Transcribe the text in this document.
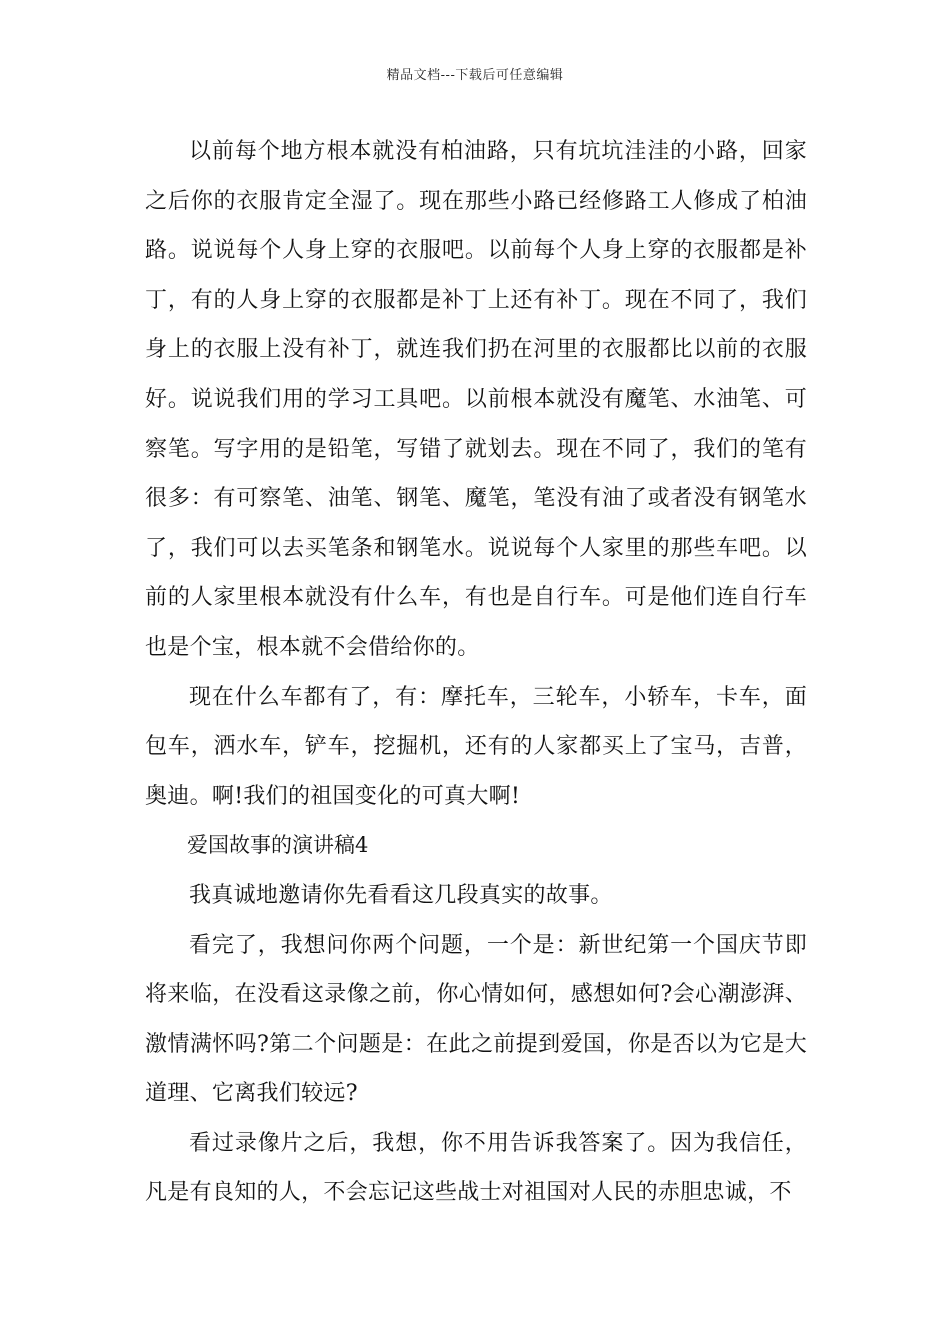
精品文档---下载后可任意编辑

以前每个地方根本就没有柏油路，只有坑坑洼洼的小路，回家之后你的衣服肯定全湿了。现在那些小路已经修路工人修成了柏油路。说说每个人身上穿的衣服吧。以前每个人身上穿的衣服都是补丁，有的人身上穿的衣服都是补丁上还有补丁。现在不同了，我们身上的衣服上没有补丁，就连我们扔在河里的衣服都比以前的衣服好。说说我们用的学习工具吧。以前根本就没有魔笔、水油笔、可察笔。写字用的是铅笔，写错了就划去。现在不同了，我们的笔有很多：有可察笔、油笔、钢笔、魔笔，笔没有油了或者没有钢笔水了，我们可以去买笔条和钢笔水。说说每个人家里的那些车吧。以前的人家里根本就没有什么车，有也是自行车。可是他们连自行车也是个宝，根本就不会借给你的。

现在什么车都有了，有：摩托车，三轮车，小轿车，卡车，面包车，洒水车，铲车，挖掘机，还有的人家都买上了宝马，吉普，奥迪。啊!我们的祖国变化的可真大啊!

爱国故事的演讲稿4

我真诚地邀请你先看看这几段真实的故事。

看完了，我想问你两个问题，一个是：新世纪第一个国庆节即将来临，在没看这录像之前，你心情如何，感想如何?会心潮澎湃、激情满怀吗?第二个问题是：在此之前提到爱国，你是否以为它是大道理、它离我们较远?

看过录像片之后，我想，你不用告诉我答案了。因为我信任，凡是有良知的人，不会忘记这些战士对祖国对人民的赤胆忠诚，不
